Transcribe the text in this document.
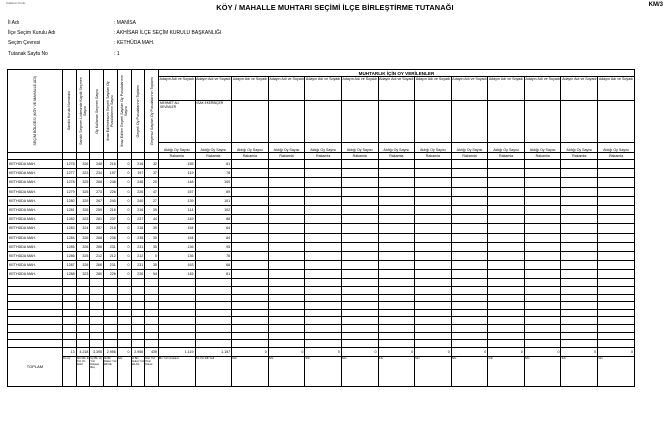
Kullanıcı Kodu	KM/3
KÖY / MAHALLE MUHTARI SEÇİMİ İLÇE BİRLEŞTİRME TUTANAĞI
İl Adı	: MANİSA
İlçe Seçim Kurulu Adı	: AKHİSAR İLÇE SEÇİM KURULU BAŞKANLIĞI
Seçim Çevresi	: KETHÜDA MAH.
Tutanak Sayfa No	: 1
SEÇİM BÖLGESİ (KÖY VE MAHALLE ADI)	Sandık Kurulu Numarası	Sandık Seçmen Listesinde Kayıtlı Seçmen Sayısı	Oy Kullanan Seçmen Sayısı	İtiraz Edilmeksizin Geçerli Sayılan Oy Pusulalarının Sayısı	İtiraz Edilen Geçerli Sayılan Oy Pusulalarının Sayısı	Geçerli Oy Pusulalarının Toplamı	Geçersiz Sayılan Oy Pusulalarının Toplamı	MUHTARLIK İÇİN OY VERİLENLER												
								Adayın Adı ve Soyadı	Adayın Adı ve Soyadı	Adayın Adı ve Soyadı	Adayın Adı ve Soyadı	Adayın Adı ve Soyadı	Adayın Adı ve Soyadı	Adayın Adı ve Soyadı	Adayın Adı ve Soyadı	Adayın Adı ve Soyadı	Adayın Adı ve Soyadı	Adayın Adı ve Soyadı	Adayın Adı ve Soyadı	Adayın Adı ve Soyadı
								MEHMET ALİ SEVİMLER	İSAK EKERBİÇER											
								Aldığı Oy Sayısı	Aldığı Oy Sayısı	Aldığı Oy Sayısı	Aldığı Oy Sayısı	Aldığı Oy Sayısı	Aldığı Oy Sayısı	Aldığı Oy Sayısı	Aldığı Oy Sayısı	Aldığı Oy Sayısı	Aldığı Oy Sayısı	Aldığı Oy Sayısı	Aldığı Oy Sayısı	Aldığı Oy Sayısı
								Rakamla	Rakamla	Rakamla	Rakamla	Rakamla	Rakamla	Rakamla	Rakamla	Rakamla	Rakamla	Rakamla	Rakamla	Rakamla
KETHÜDA MAH.	1276	326	248	216	0	216	32	155	61											
KETHÜDA MAH.	1277	323	234	197	0	197	37	119	78											
KETHÜDA MAH.	1278	325	268	248	0	248	20	148	100											
KETHÜDA MAH.	1279	325	273	226	0	226	47	157	69											
KETHÜDA MAH.	1280	325	267	240	0	240	27	139	101											
KETHÜDA MAH.	1281	326	255	216	0	216	39	114	102											
KETHÜDA MAH.	1282	323	281	237	0	237	44	149	88											
KETHÜDA MAH.	1283	324	257	218	0	218	39	154	64											
KETHÜDA MAH.	1284	326	268	238	0	238	30	154	84											
KETHÜDA MAH.	1285	326	266	231	0	231	35	136	95											
KETHÜDA MAH.	1286	325	212	212	0	212	0	136	76											
KETHÜDA MAH.	1287	326	266	231	0	231	35	163	68											
KETHÜDA MAH.	1288	323	280	226	0	226	54	145	81											

TOPLAM	13	4.218	3.395	2.956	0	2.956	439	1.119	1.157	0	0	0	0	0	0	0	0	0	0	0
	On Üç	Dört Bin İki Yüz On Sekiz	Üç Bin Üç Yüz Doksan Beş	İki Bin Dokuz Yüz Elli Altı	Sıfır	İki Bin Dokuz Yüz Elli Altı	Dört Yüz Otuz Dokuz	Bin Yüz Ondokuz	Bin Yüz Elli Yedi	Sıfır	Sıfır	Sıfır	Sıfır	Sıfır	Sıfır	Sıfır	Sıfır	Sıfır	Sıfır	Sıfır
